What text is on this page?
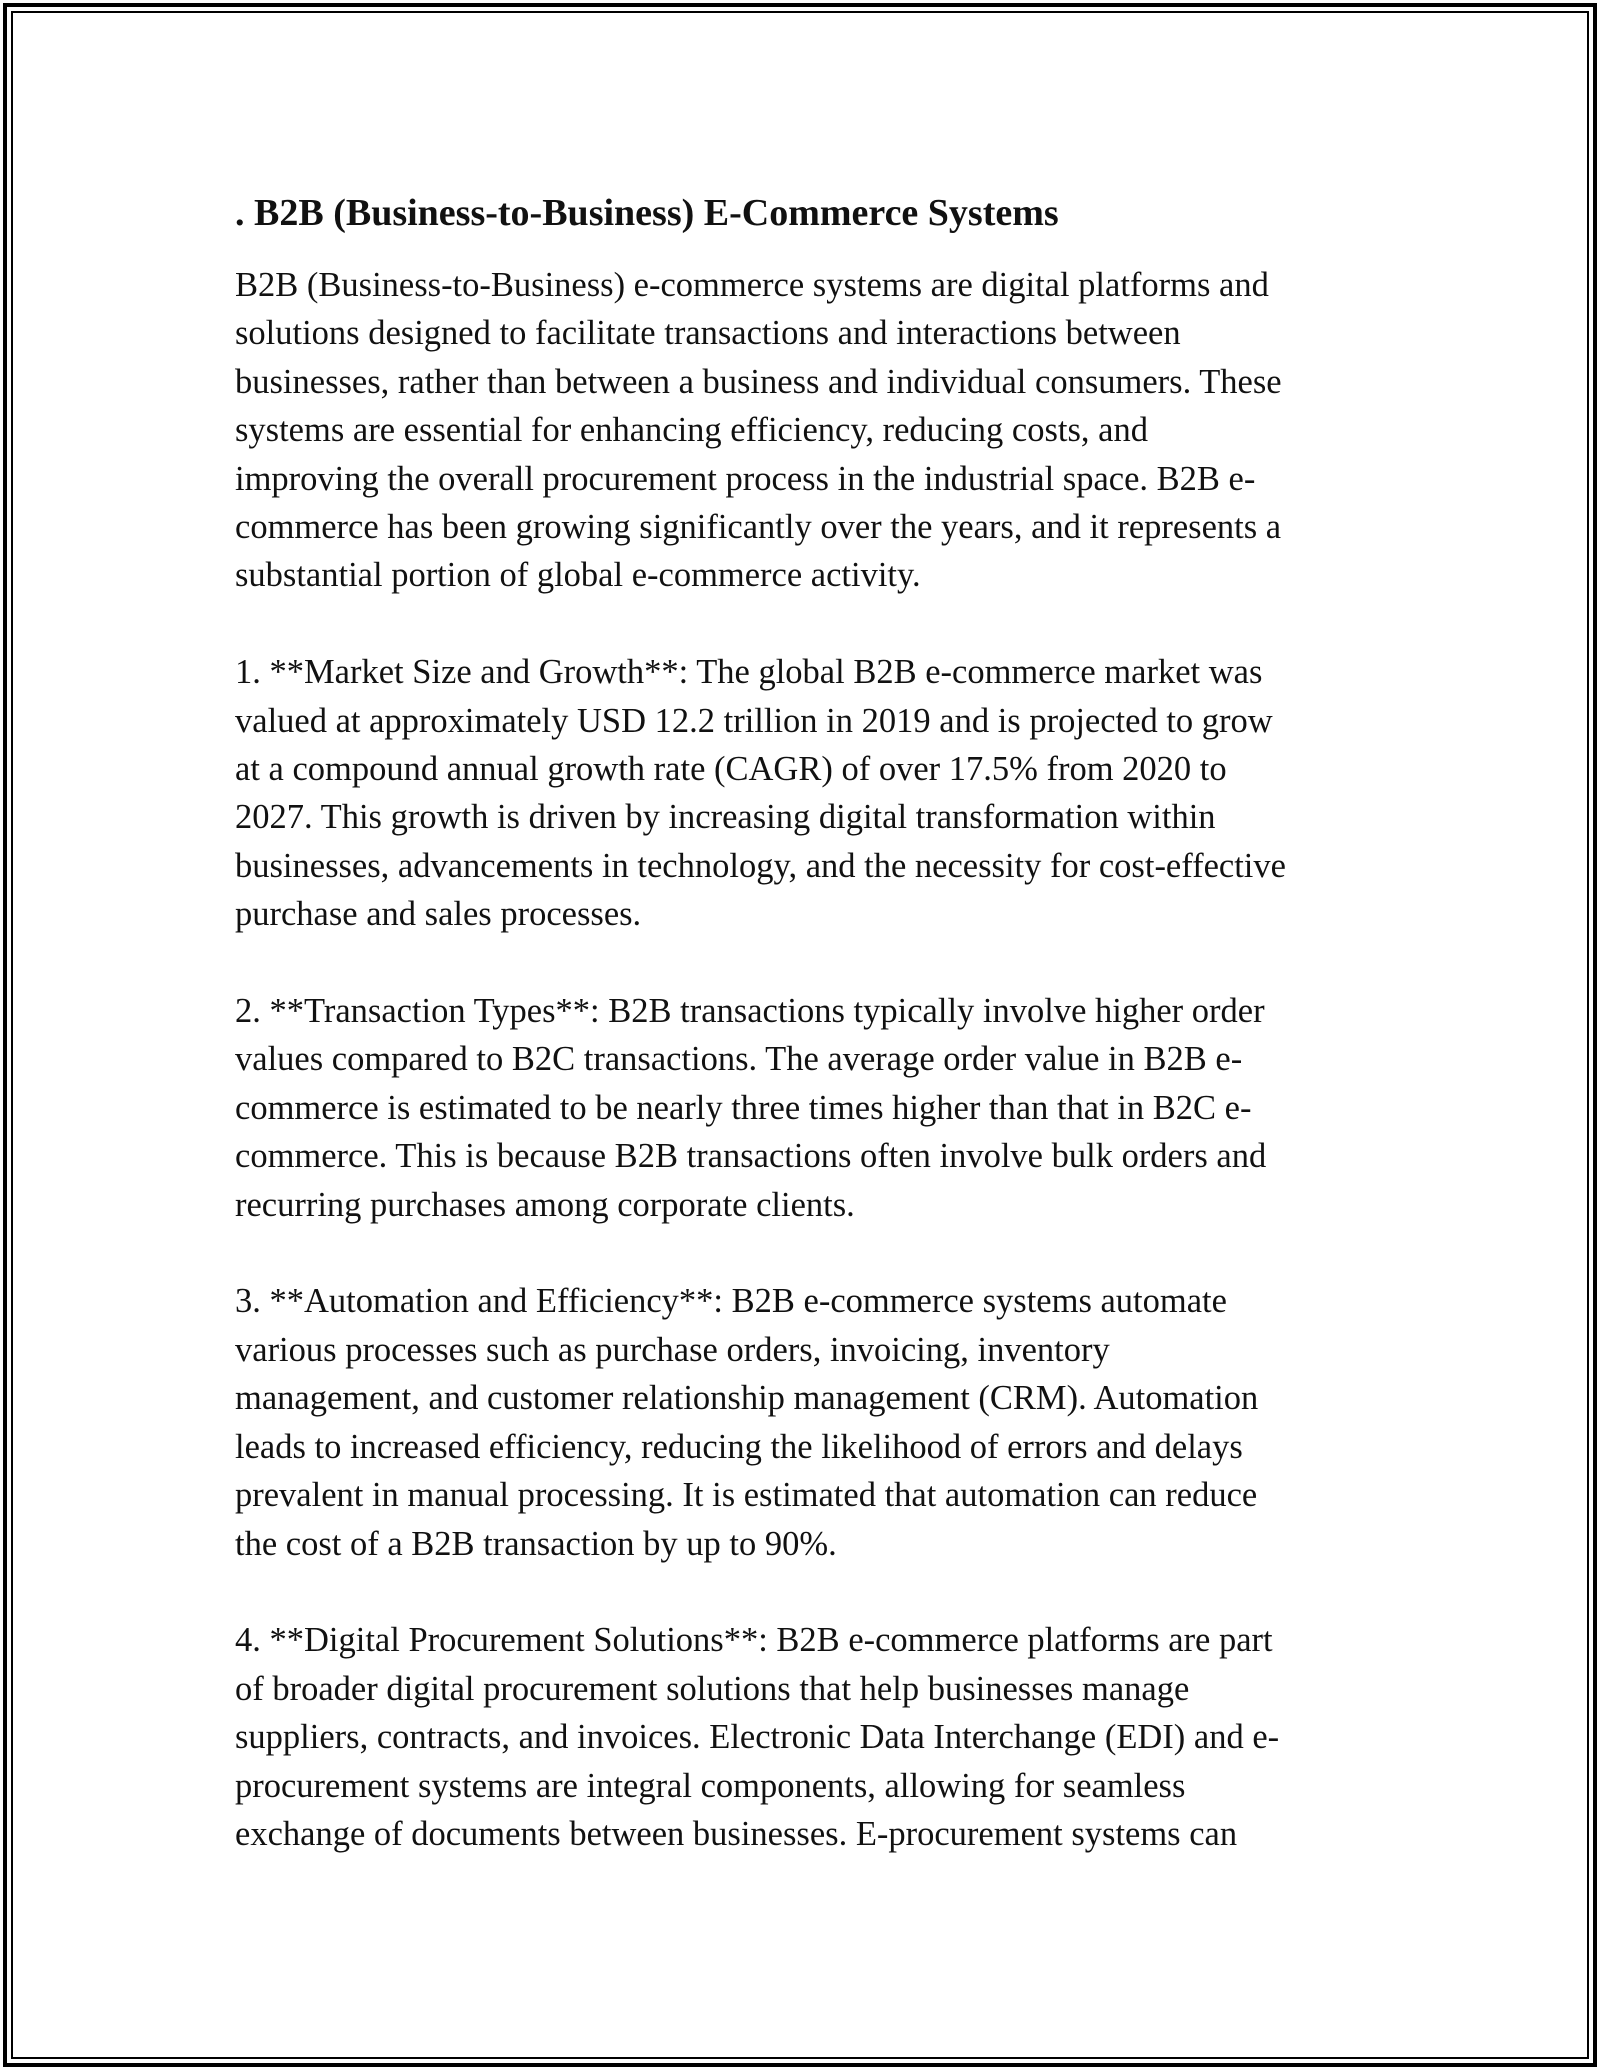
. B2B (Business-to-Business) E-Commerce Systems
B2B (Business-to-Business) e-commerce systems are digital platforms and
solutions designed to facilitate transactions and interactions between
businesses, rather than between a business and individual consumers. These
systems are essential for enhancing efficiency, reducing costs, and
improving the overall procurement process in the industrial space. B2B e-
commerce has been growing significantly over the years, and it represents a
substantial portion of global e-commerce activity.
1. **Market Size and Growth**: The global B2B e-commerce market was
valued at approximately USD 12.2 trillion in 2019 and is projected to grow
at a compound annual growth rate (CAGR) of over 17.5% from 2020 to
2027. This growth is driven by increasing digital transformation within
businesses, advancements in technology, and the necessity for cost-effective
purchase and sales processes.
2. **Transaction Types**: B2B transactions typically involve higher order
values compared to B2C transactions. The average order value in B2B e-
commerce is estimated to be nearly three times higher than that in B2C e-
commerce. This is because B2B transactions often involve bulk orders and
recurring purchases among corporate clients.
3. **Automation and Efficiency**: B2B e-commerce systems automate
various processes such as purchase orders, invoicing, inventory
management, and customer relationship management (CRM). Automation
leads to increased efficiency, reducing the likelihood of errors and delays
prevalent in manual processing. It is estimated that automation can reduce
the cost of a B2B transaction by up to 90%.
4. **Digital Procurement Solutions**: B2B e-commerce platforms are part
of broader digital procurement solutions that help businesses manage
suppliers, contracts, and invoices. Electronic Data Interchange (EDI) and e-
procurement systems are integral components, allowing for seamless
exchange of documents between businesses. E-procurement systems can
